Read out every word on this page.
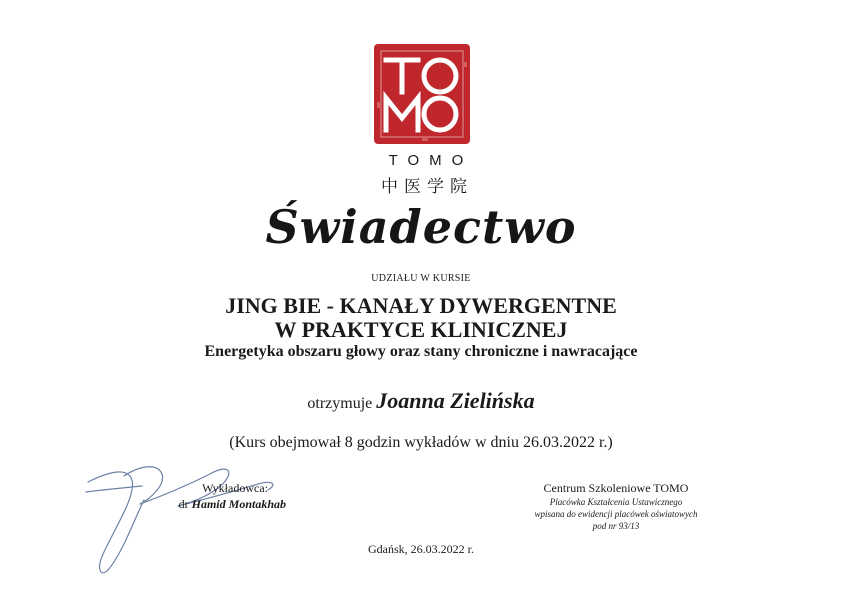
TOMO
中医学院
Świadectwo
UDZIAŁU W KURSIE
JING BIE - KANAŁY DYWERGENTNE
W PRAKTYCE KLINICZNEJ
Energetyka obszaru głowy oraz stany chroniczne i nawracające
otrzymuje Joanna Zielińska
(Kurs obejmował 8 godzin wykładów w dniu 26.03.2022 r.)
Wykładowca:
dr Hamid Montakhab
Centrum Szkoleniowe TOMO
Placówka Kształcenia Ustawicznego
wpisana do ewidencji placówek oświatowych
pod nr 93/13
Gdańsk, 26.03.2022 r.
